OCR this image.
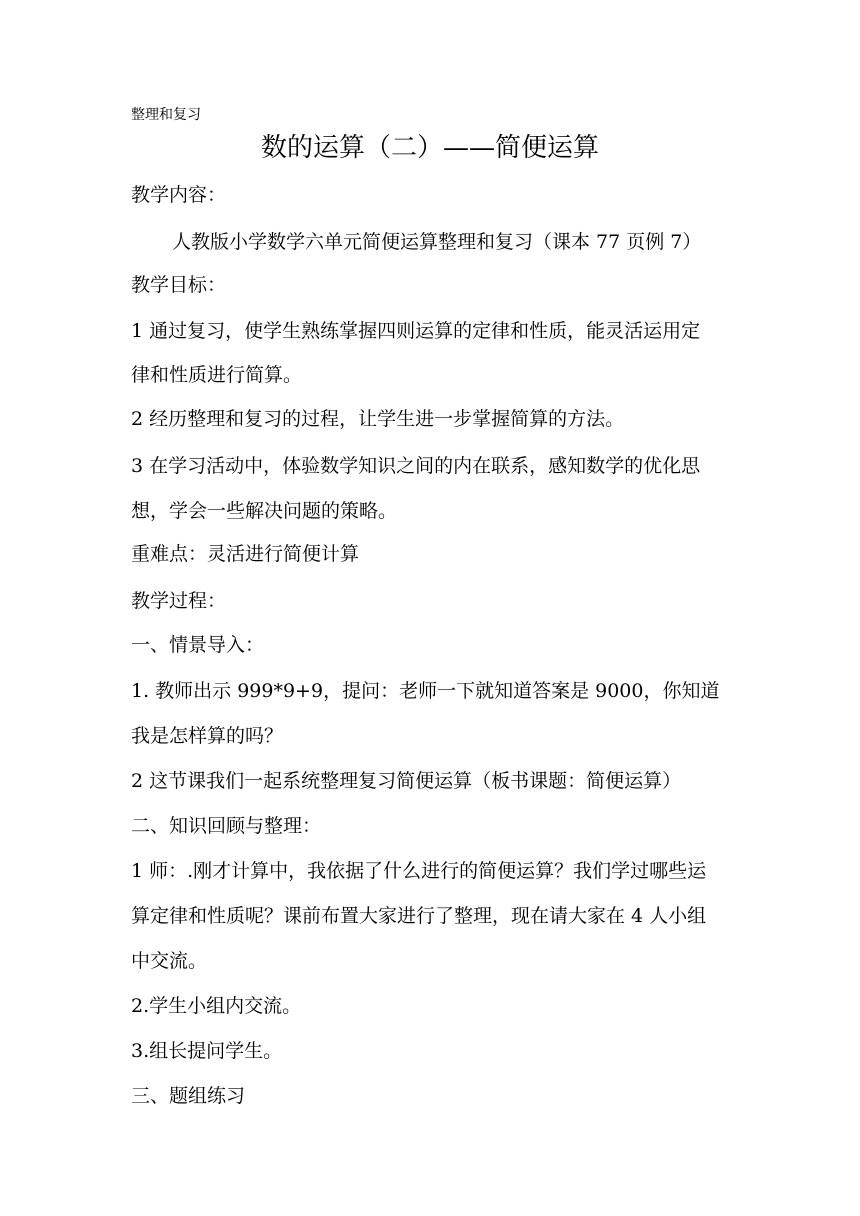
整理和复习
数的运算（二）——简便运算
教学内容：
人教版小学数学六单元简便运算整理和复习（课本 77 页例 7）
教学目标：
1 通过复习，使学生熟练掌握四则运算的定律和性质，能灵活运用定
律和性质进行简算。
2 经历整理和复习的过程，让学生进一步掌握简算的方法。
3 在学习活动中，体验数学知识之间的内在联系，感知数学的优化思
想，学会一些解决问题的策略。
重难点：灵活进行简便计算
教学过程：
一、情景导入：
1. 教师出示 999*9+9，提问：老师一下就知道答案是 9000，你知道
我是怎样算的吗？
2 这节课我们一起系统整理复习简便运算（板书课题：简便运算）
二、知识回顾与整理：
1 师：.刚才计算中，我依据了什么进行的简便运算？我们学过哪些运
算定律和性质呢？课前布置大家进行了整理，现在请大家在 4 人小组
中交流。
2.学生小组内交流。
3.组长提问学生。
三、题组练习
